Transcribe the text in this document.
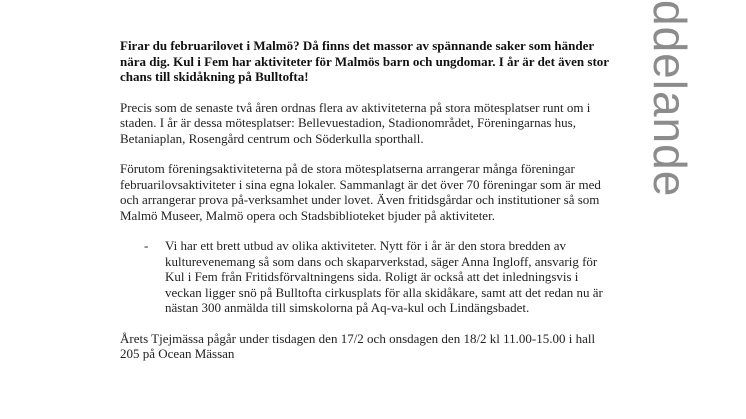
ddelande

Firar du februarilovet i Malmö? Då finns det massor av spännande saker som händer nära dig. Kul i Fem har aktiviteter för Malmös barn och ungdomar. I år är det även stor chans till skidåkning på Bulltofta!

Precis som de senaste två åren ordnas flera av aktiviteterna på stora mötesplatser runt om i staden. I år är dessa mötesplatser: Bellevuestadion, Stadionområdet, Föreningarnas hus, Betaniaplan, Rosengård centrum och Söderkulla sporthall.

Förutom föreningsaktiviteterna på de stora mötesplatserna arrangerar många föreningar februarilovsaktiviteter i sina egna lokaler. Sammanlagt är det över 70 föreningar som är med och arrangerar prova på-verksamhet under lovet. Även fritidsgårdar och institutioner så som Malmö Museer, Malmö opera och Stadsbiblioteket bjuder på aktiviteter.

- Vi har ett brett utbud av olika aktiviteter. Nytt för i år är den stora bredden av kulturevenemang så som dans och skaparverkstad, säger Anna Ingloff, ansvarig för Kul i Fem från Fritidsförvaltningens sida. Roligt är också att det inledningsvis i veckan ligger snö på Bulltofta cirkusplats för alla skidåkare, samt att det redan nu är nästan 300 anmälda till simskolorna på Aq-va-kul och Lindängsbadet.

Årets Tjejmässa pågår under tisdagen den 17/2 och onsdagen den 18/2 kl 11.00-15.00 i hall 205 på Ocean Mässan
